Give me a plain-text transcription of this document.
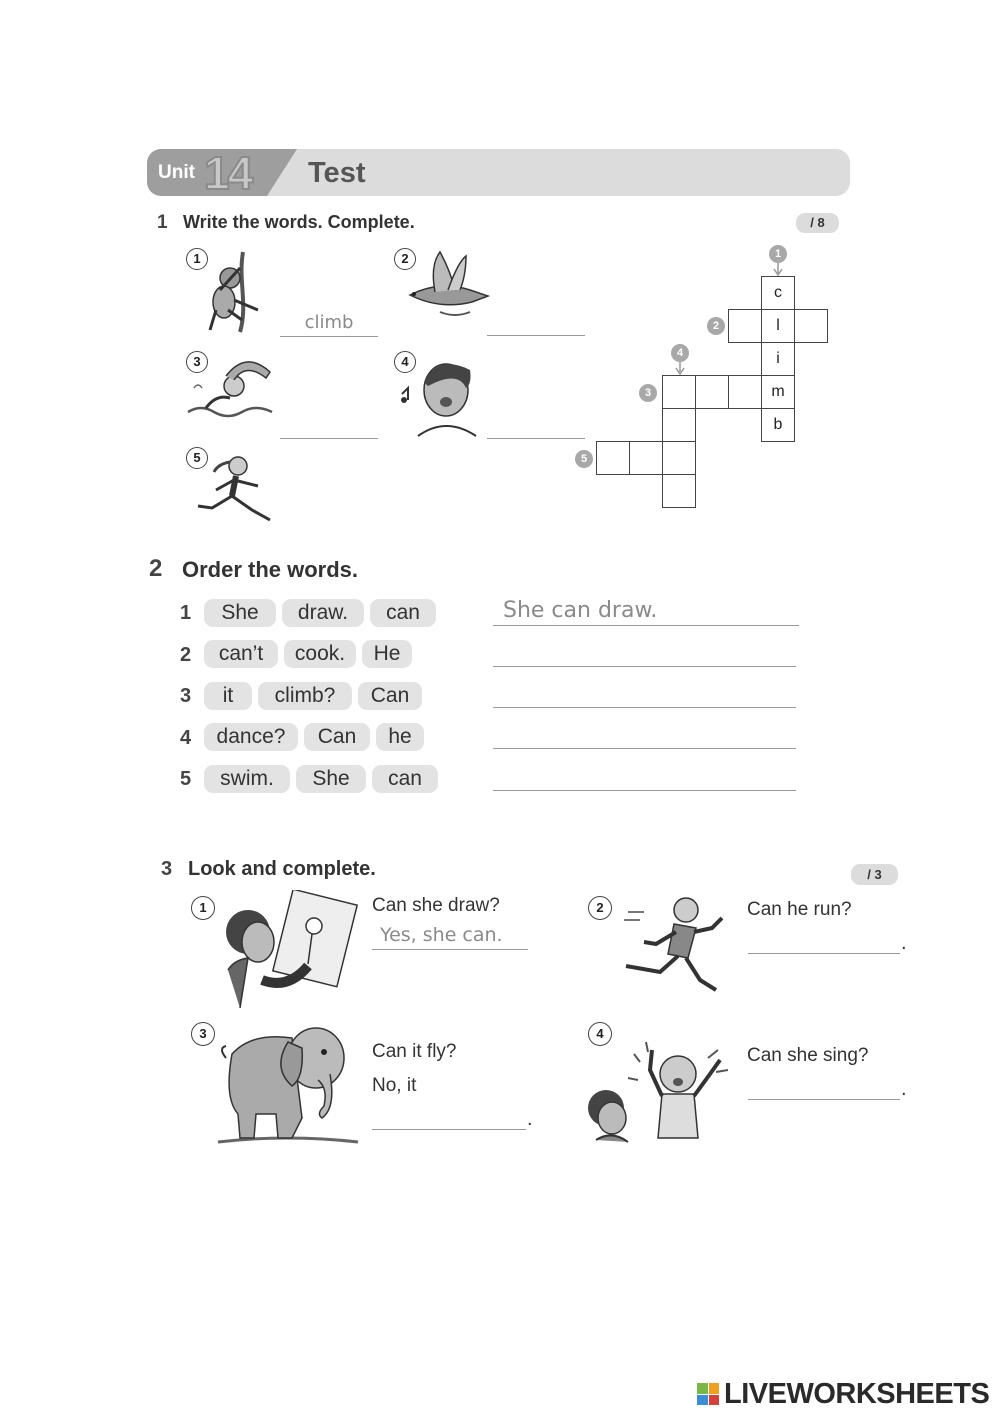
Unit 14 Test
1 Write the words. Complete.	/ 8
1
climb
2
3	4
5
1
2
3
4
5
c
l
i
m
b
2 Order the words.
1	She	draw.	can	She can draw.
2	can’t	cook.	He
3	it	climb?	Can
4	dance?	Can	he
5	swim.	She	can
3 Look and complete.	/ 3
1	Can she draw?
Yes, she can.
2	Can he run?
.
3
Can it fly?
No, it
.
4
Can she sing?
.
LIVEWORKSHEETS
